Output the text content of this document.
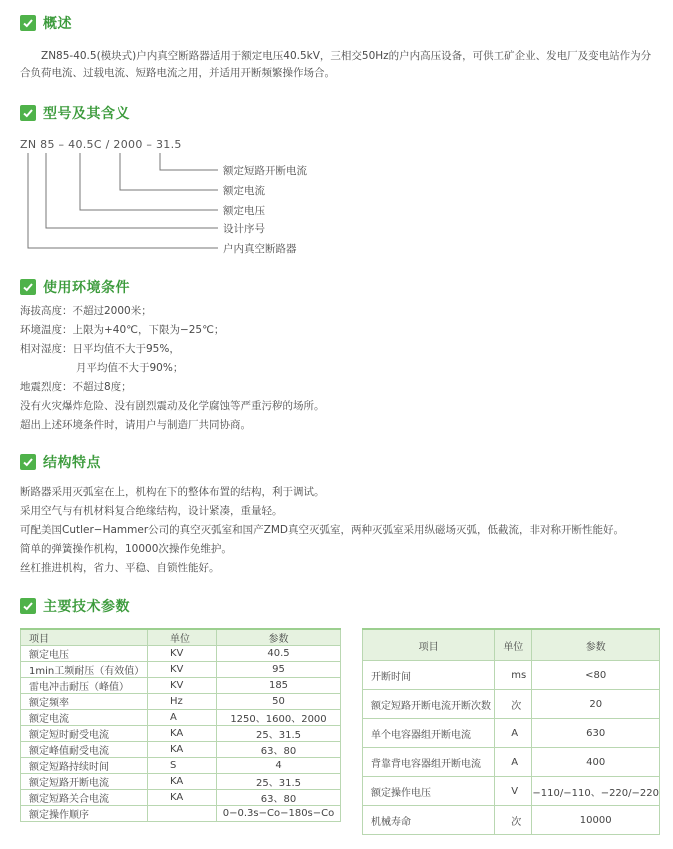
概述
ZN85-40.5(模块式)户内真空断路器适用于额定电压40.5kV，三相交50Hz的户内高压设备，可供工矿企业、发电厂及变电站作为分合负荷电流、过载电流、短路电流之用，并适用开断频繁操作场合。
型号及其含义
ZN 85 – 40.5C / 2000 – 31.5
额定短路开断电流
额定电流
额定电压
设计序号
户内真空断路器
使用环境条件
海拔高度：不超过2000米；
环境温度：上限为+40℃，下限为−25℃；
相对湿度：日平均值不大于95%，
月平均值不大于90%；
地震烈度：不超过8度；
没有火灾爆炸危险、没有剧烈震动及化学腐蚀等严重污秽的场所。
超出上述环境条件时，请用户与制造厂共同协商。
结构特点
断路器采用灭弧室在上，机构在下的整体布置的结构，利于调试。
采用空气与有机材料复合绝缘结构，设计紧凑，重量轻。
可配美国Cutler−Hammer公司的真空灭弧室和国产ZMD真空灭弧室，两种灭弧室采用纵磁场灭弧，低截流，非对称开断性能好。
简单的弹簧操作机构，10000次操作免维护。
丝杠推进机构，省力、平稳、自锁性能好。
主要技术参数
项目	单位	参数
额定电压	KV	40.5
1min工频耐压（有效值）	KV	95
雷电冲击耐压（峰值）	KV	185
额定频率	Hz	50
额定电流	A	1250、1600、2000
额定短时耐受电流	KA	25、31.5
额定峰值耐受电流	KA	63、80
额定短路持续时间	S	4
额定短路开断电流	KA	25、31.5
额定短路关合电流	KA	63、80
额定操作顺序		0−0.3s−Co−180s−Co
项目	单位	参数
开断时间	ms	<80
额定短路开断电流开断次数	次	20
单个电容器组开断电流	A	630
背靠背电容器组开断电流	A	400
额定操作电压	V	−110/−110、−220/−220
机械寿命	次	10000
